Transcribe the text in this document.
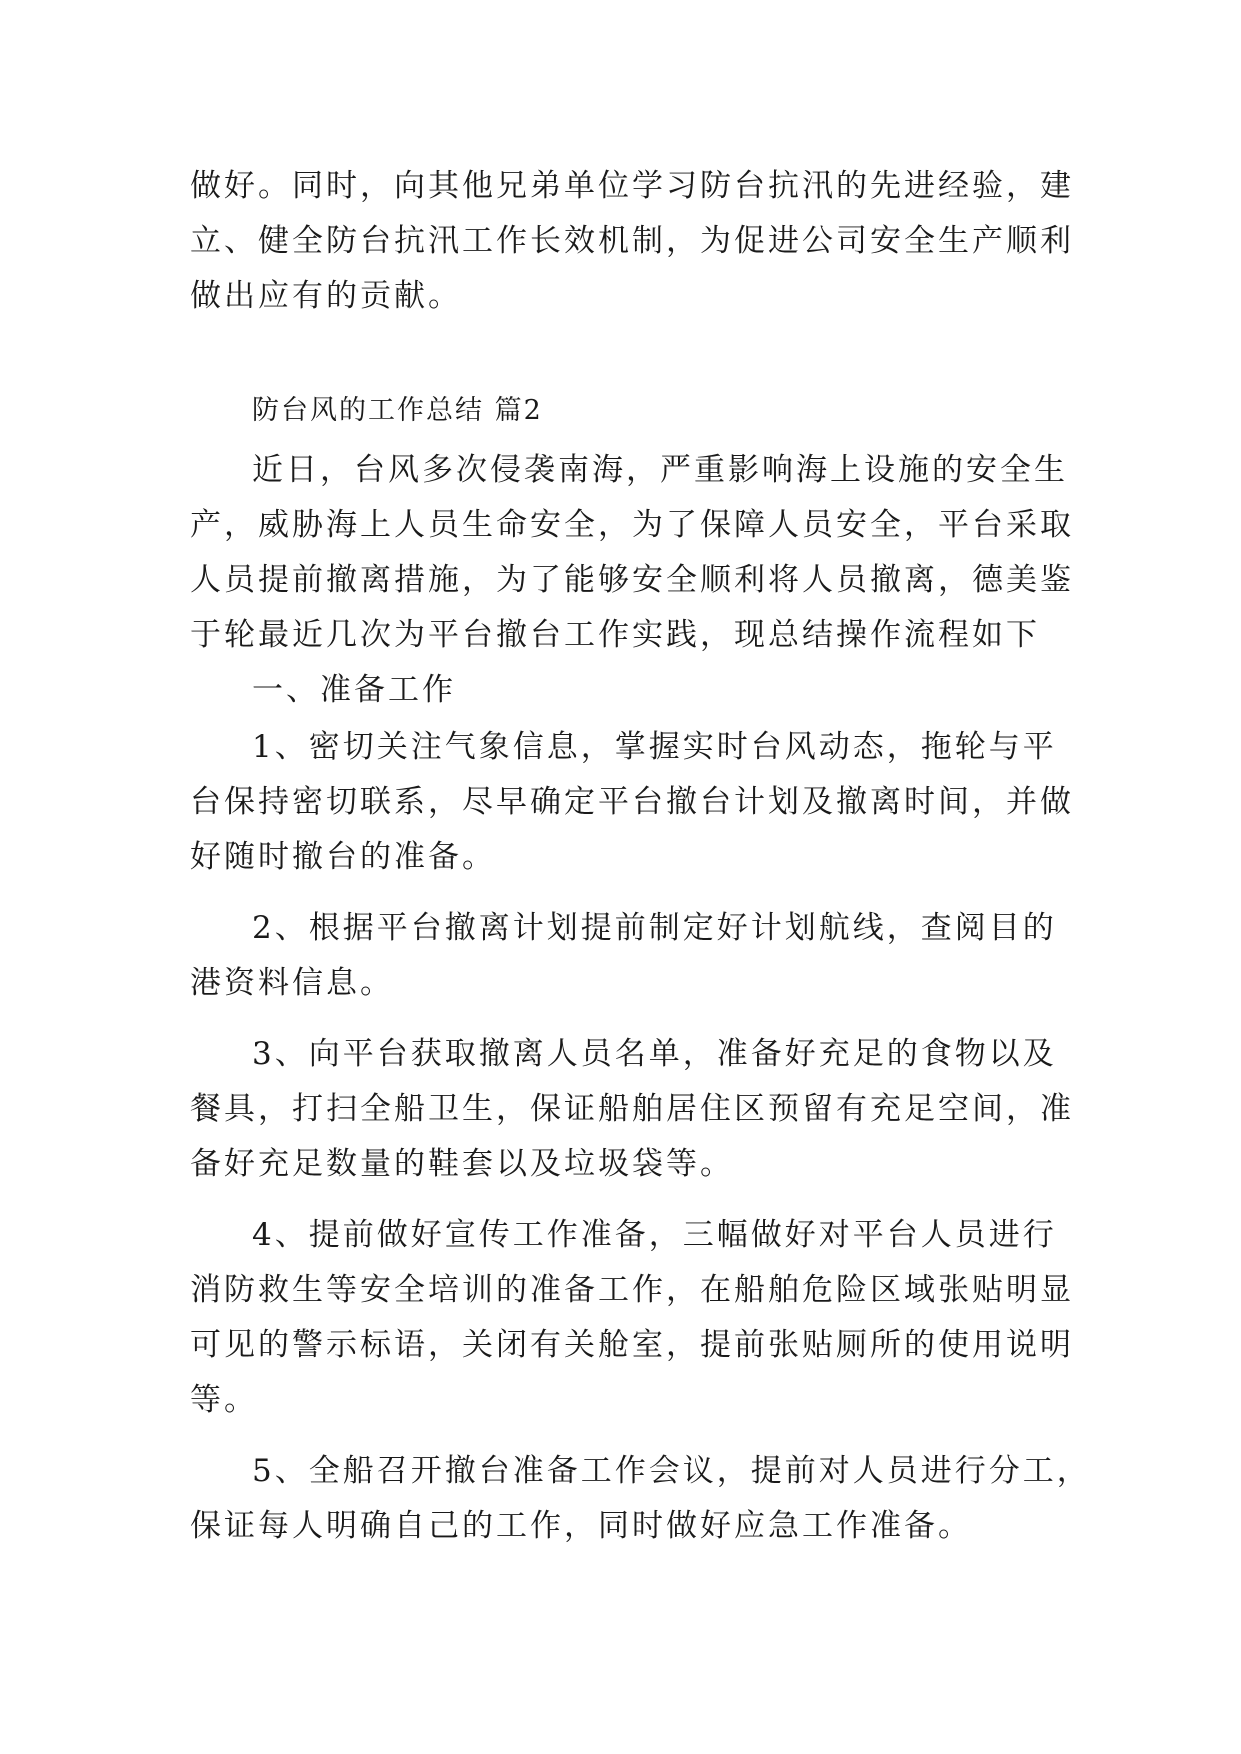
做好。同时，向其他兄弟单位学习防台抗汛的先进经验，建
立、健全防台抗汛工作长效机制，为促进公司安全生产顺利
做出应有的贡献。
防台风的工作总结 篇2
近日，台风多次侵袭南海，严重影响海上设施的安全生
产，威胁海上人员生命安全，为了保障人员安全，平台采取
人员提前撤离措施，为了能够安全顺利将人员撤离，德美鉴
于轮最近几次为平台撤台工作实践，现总结操作流程如下
一、准备工作
1、密切关注气象信息，掌握实时台风动态，拖轮与平
台保持密切联系，尽早确定平台撤台计划及撤离时间，并做
好随时撤台的准备。
2、根据平台撤离计划提前制定好计划航线，查阅目的
港资料信息。
3、向平台获取撤离人员名单，准备好充足的食物以及
餐具，打扫全船卫生，保证船舶居住区预留有充足空间，准
备好充足数量的鞋套以及垃圾袋等。
4、提前做好宣传工作准备，三幅做好对平台人员进行
消防救生等安全培训的准备工作，在船舶危险区域张贴明显
可见的警示标语，关闭有关舱室，提前张贴厕所的使用说明
等。
5、全船召开撤台准备工作会议，提前对人员进行分工，
保证每人明确自己的工作，同时做好应急工作准备。
